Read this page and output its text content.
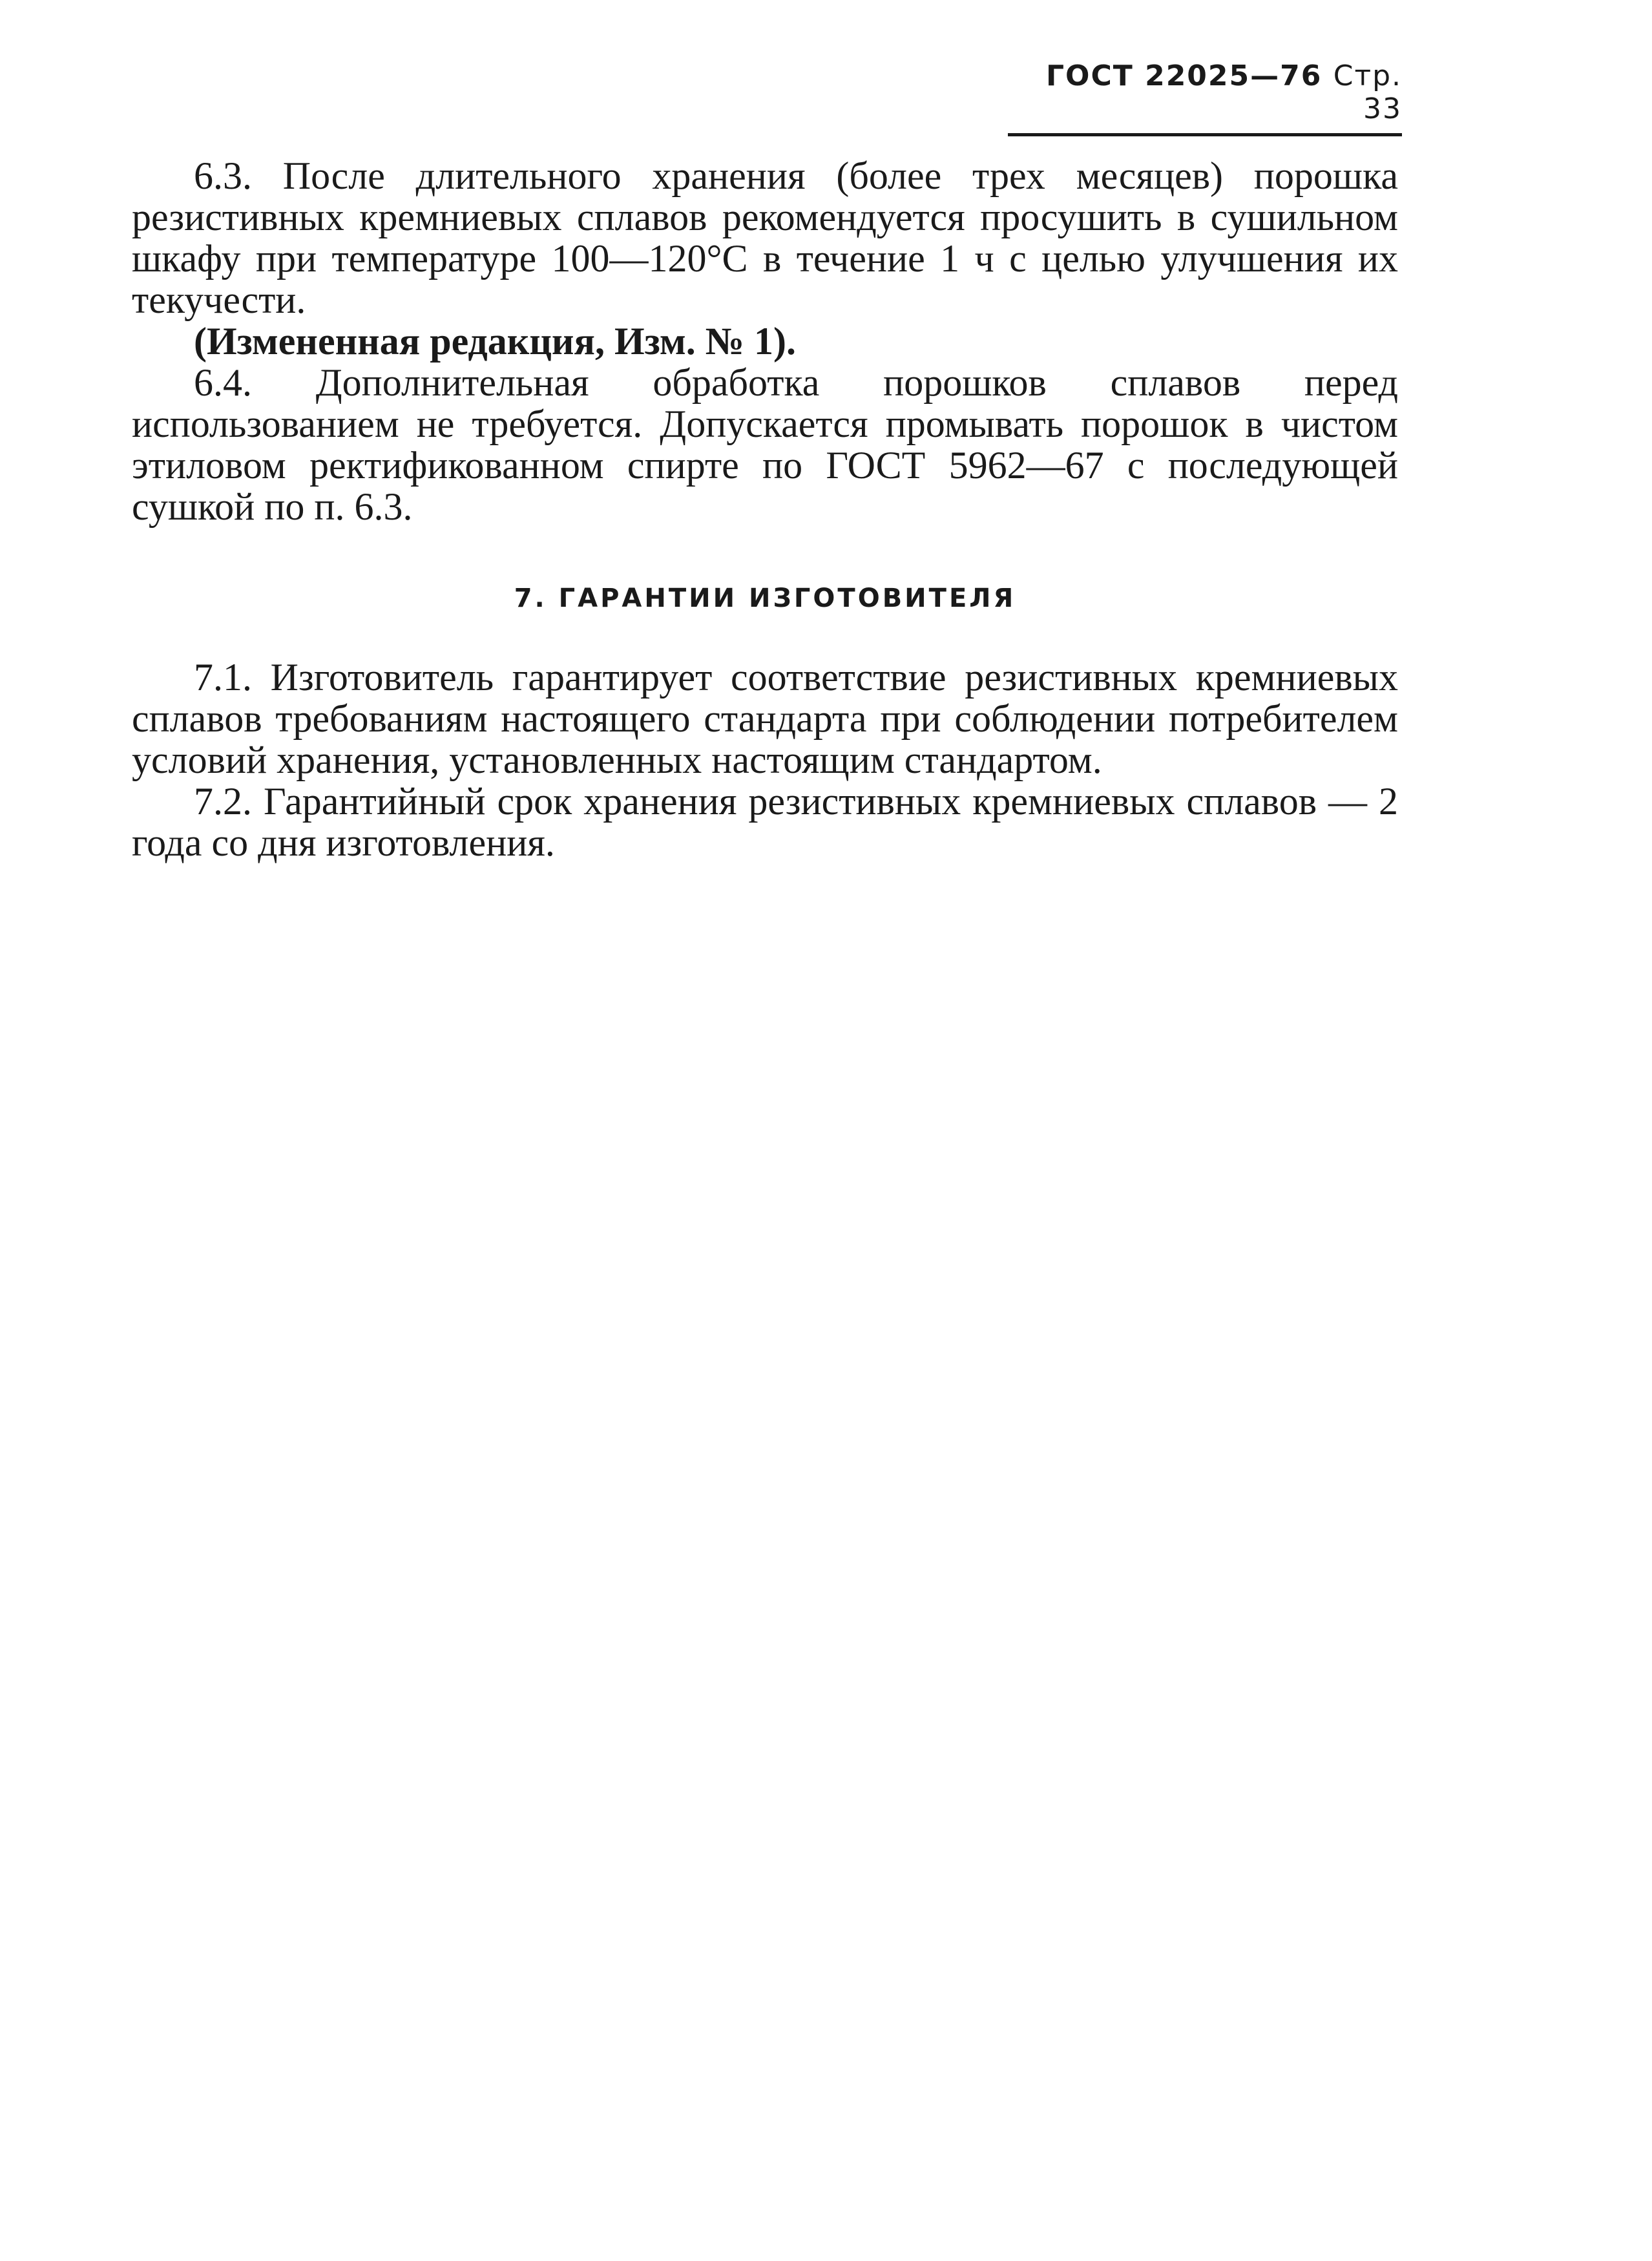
ГОСТ 22025—76 Стр. 33

6.3. После длительного хранения (более трех месяцев) порошка резистивных кремниевых сплавов рекомендуется просушить в сушильном шкафу при температуре 100—120°С в течение 1 ч с целью улучшения их текучести.

(Измененная редакция, Изм. № 1).

6.4. Дополнительная обработка порошков сплавов перед использованием не требуется. Допускается промывать порошок в чистом этиловом ректификованном спирте по ГОСТ 5962—67 с последующей сушкой по п. 6.3.

7. ГАРАНТИИ ИЗГОТОВИТЕЛЯ

7.1. Изготовитель гарантирует соответствие резистивных кремниевых сплавов требованиям настоящего стандарта при соблюдении потребителем условий хранения, установленных настоящим стандартом.

7.2. Гарантийный срок хранения резистивных кремниевых сплавов — 2 года со дня изготовления.
